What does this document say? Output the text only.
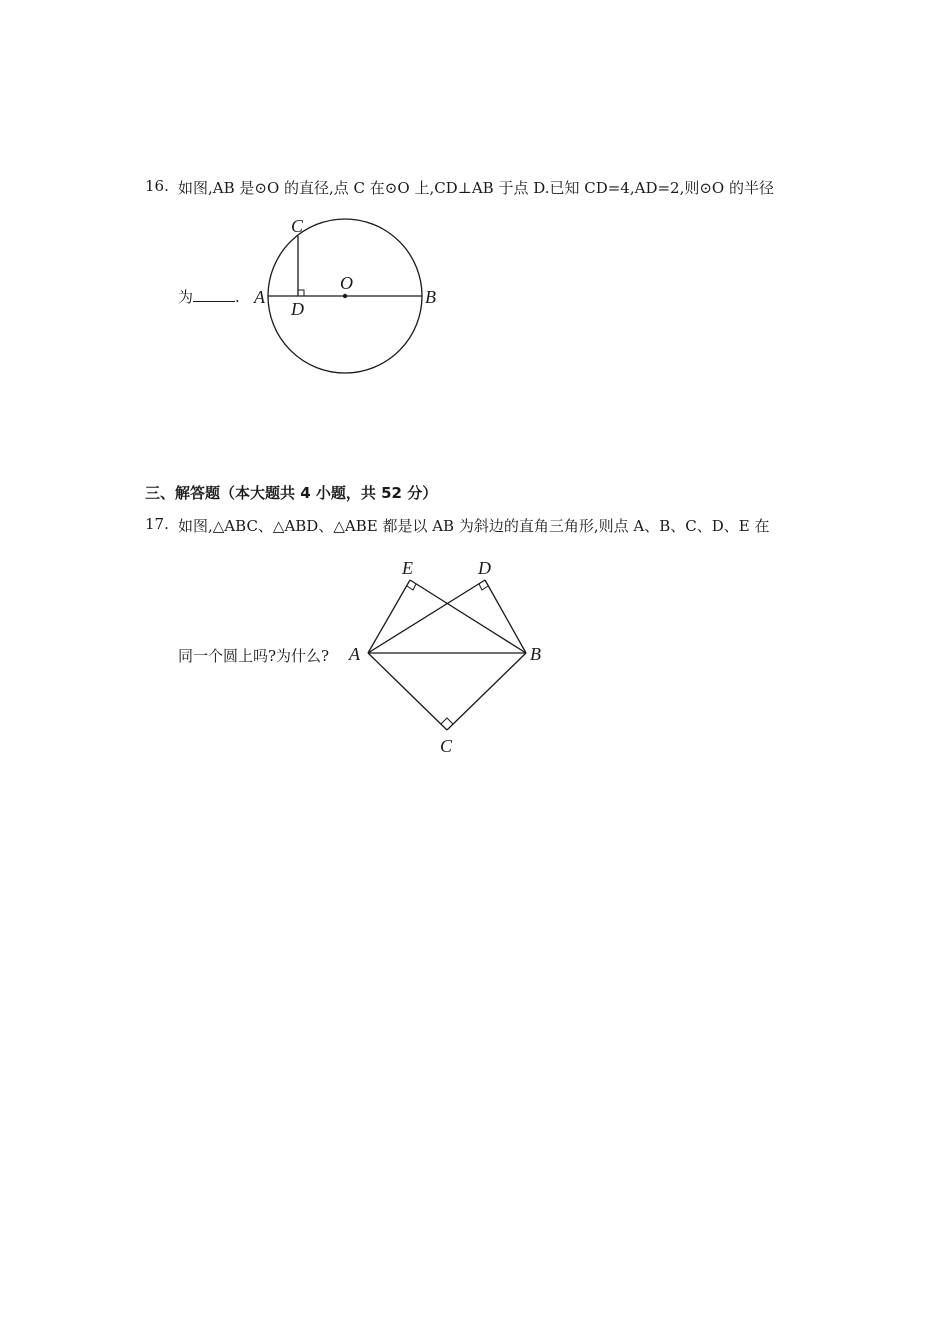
16. 如图,AB 是⊙O 的直径,点 C 在⊙O 上,CD⊥AB 于点 D.已知 CD=4,AD=2,则⊙O 的半径
为	.
C
A
D
O
B
三、解答题（本大题共 4 小题，共 52 分）
17. 如图,△ABC、△ABD、△ABE 都是以 AB 为斜边的直角三角形,则点 A、B、C、D、E 在
同一个圆上吗?为什么?
E	D
A	B
C
